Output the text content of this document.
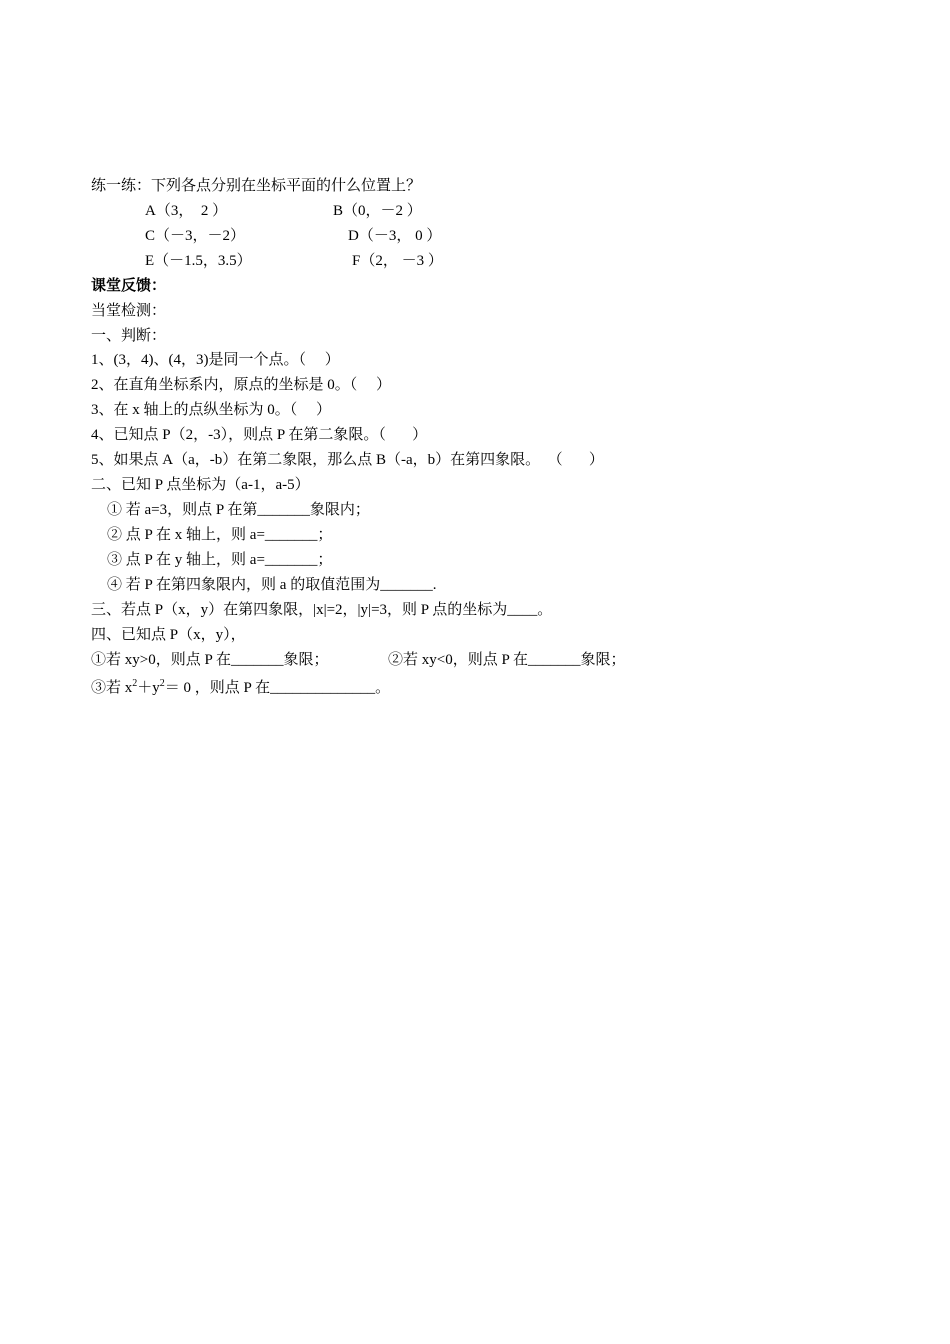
练一练：下列各点分别在坐标平面的什么位置上？
A（3，  2 ）	B（0，－2 ）
C（－3，－2）	D（－3， 0 ）
E（－1.5，3.5）	F（2， －3 ）
课堂反馈：
当堂检测：
一、判断：
1、(3，4)、(4，3)是同一个点。（     ）
2、在直角坐标系内，原点的坐标是 0。（     ）
3、在 x 轴上的点纵坐标为 0。（     ）
4、已知点 P（2，-3），则点 P 在第二象限。（       ）
5、如果点 A（a，-b）在第二象限，那么点 B（-a，b）在第四象限。  （       ）
二、已知 P 点坐标为（a-1，a-5）
① 若 a=3，则点 P 在第_______象限内；
② 点 P 在 x 轴上，则 a=_______；
③ 点 P 在 y 轴上，则 a=_______；
④ 若 P 在第四象限内，则 a 的取值范围为_______.
三、若点 P（x，y）在第四象限，|x|=2，|y|=3，则 P 点的坐标为____。
四、已知点 P（x，y），
①若 xy>0，则点 P 在_______象限；	②若 xy<0，则点 P 在_______象限；
③若 $x^2+y^2= 0$ ，则点 P 在______________。
